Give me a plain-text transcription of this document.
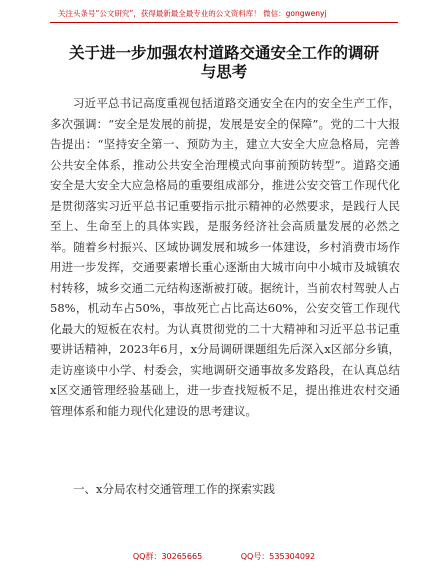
关注头条号“公文研究”，获得最新最全最专业的公文资料库！ 微信：gongwenyj
关于进一步加强农村道路交通安全工作的调研
与思考

习近平总书记高度重视包括道路交通安全在内的安全生产工作，多次强调：“安全是发展的前提，发展是安全的保障”。党的二十大报告提出：“坚持安全第一、预防为主，建立大安全大应急格局，完善公共安全体系，推动公共安全治理模式向事前预防转型”。道路交通安全是大安全大应急格局的重要组成部分，推进公安交管工作现代化是贯彻落实习近平总书记重要指示批示精神的必然要求，是践行人民至上、生命至上的具体实践，是服务经济社会高质量发展的必然之举。随着乡村振兴、区域协调发展和城乡一体建设，乡村消费市场作用进一步发挥，交通要素增长重心逐渐由大城市向中小城市及城镇农村转移，城乡交通二元结构逐渐被打破。据统计，当前农村驾驶人占58%，机动车占50%，事故死亡占比高达60%，公安交管工作现代化最大的短板在农村。为认真贯彻党的二十大精神和习近平总书记重要讲话精神，2023年6月，x分局调研课题组先后深入x区部分乡镇，走访座谈中小学、村委会，实地调研交通事故多发路段，在认真总结x区交通管理经验基础上，进一步查找短板不足，提出推进农村交通管理体系和能力现代化建设的思考建议。

一、x分局农村交通管理工作的探索实践
QQ群：30265665	QQ号：535304092
